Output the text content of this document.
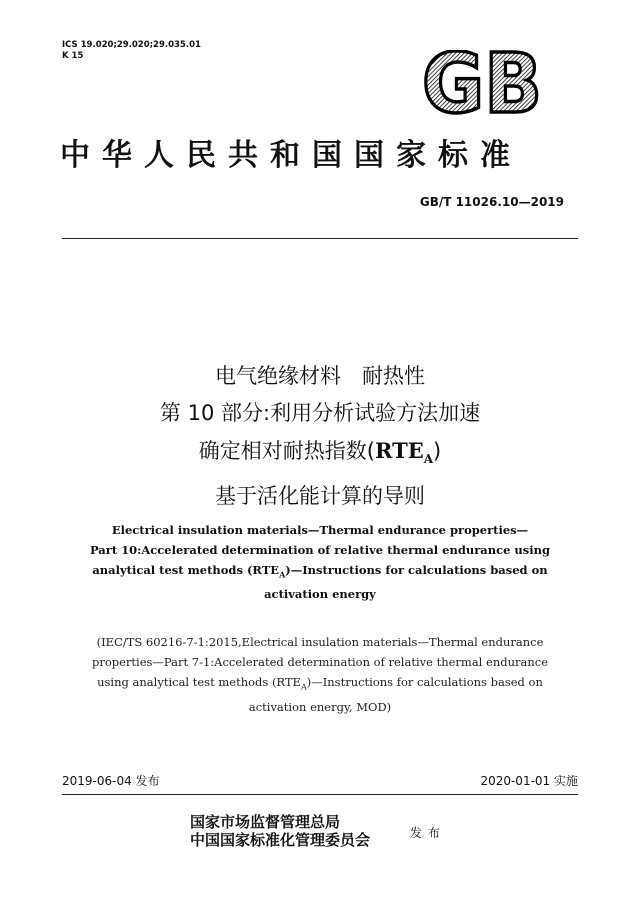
ICS 19.020;29.020;29.035.01
K 15	GB
中华人民共和国国家标准
GB/T 11026.10—2019
电气绝缘材料　耐热性
第 10 部分:利用分析试验方法加速
确定相对耐热指数$(RTE_A)$
基于活化能计算的导则
Electrical insulation materials—Thermal endurance properties—
Part 10:Accelerated determination of relative thermal endurance using
analytical test methods $(RTE_A)—Instructions$ for calculations based on
activation energy
(IEC/TS 60216-7-1:2015,Electrical insulation materials—Thermal endurance
properties—Part 7-1:Accelerated determination of relative thermal endurance
using analytical test methods $(RTE_A)—Instructions$ for calculations based on
activation energy, MOD)
2019-06-04 发布	2020-01-01 实施
国家市场监督管理总局
中国国家标准化管理委员会	发布
